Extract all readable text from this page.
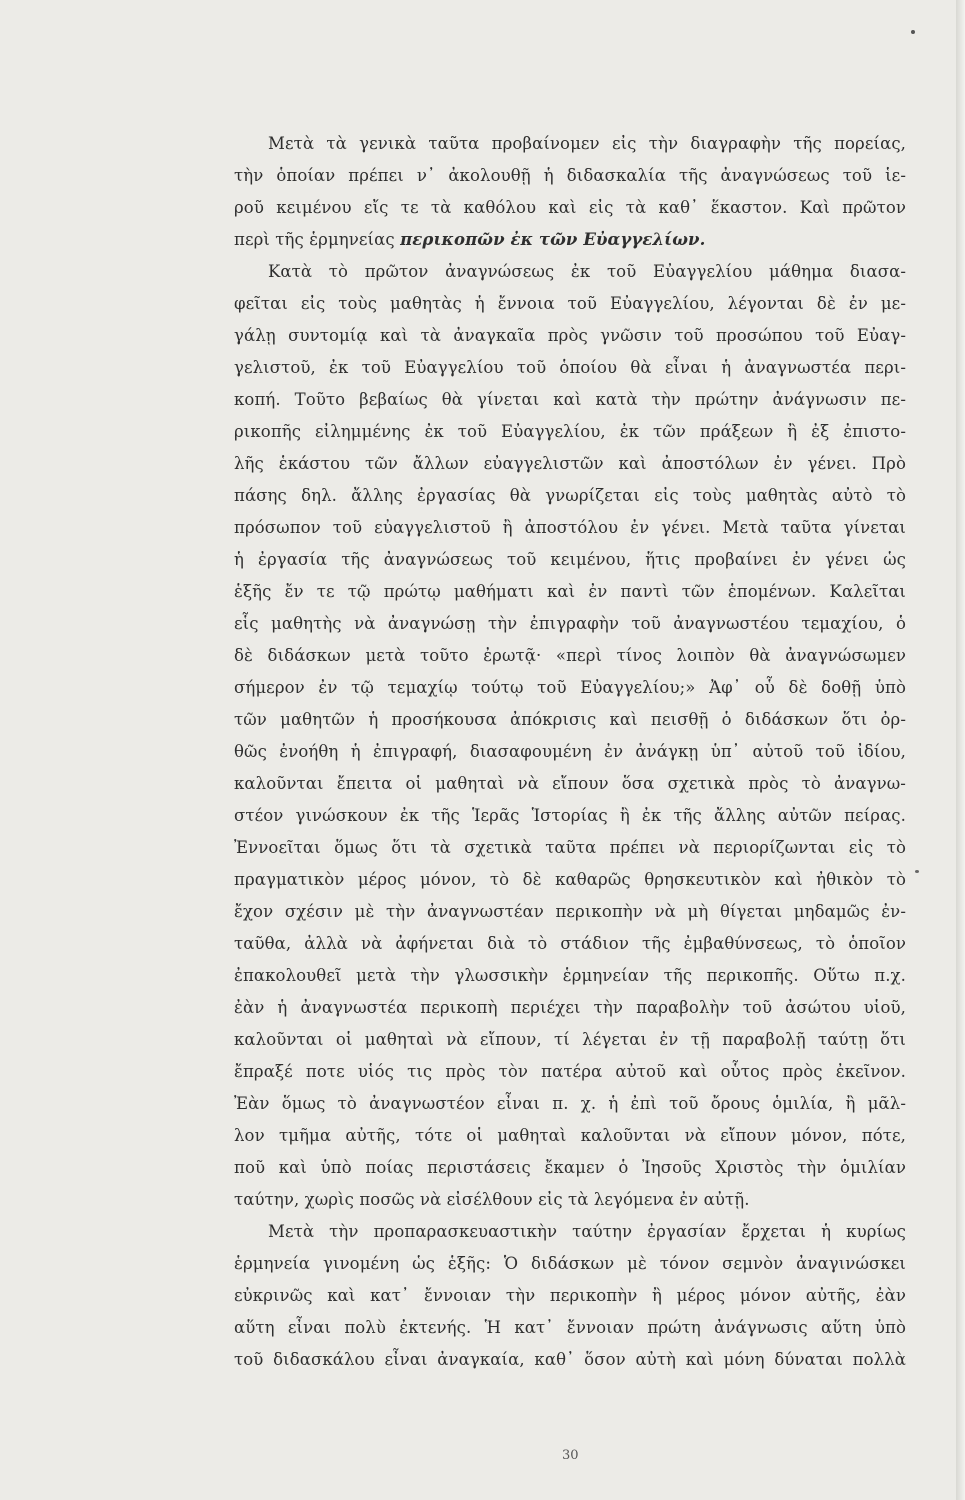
Μετὰ τὰ γενικὰ ταῦτα προβαίνομεν εἰς τὴν διαγραφὴν τῆς πορείας,
τὴν ὁποίαν πρέπει ν᾽ ἀκολουθῇ ἡ διδασκαλία τῆς ἀναγνώσεως τοῦ ἱε-
ροῦ κειμένου εἴς τε τὰ καθόλου καὶ εἰς τὰ καθ᾽ ἕκαστον. Καὶ πρῶτον
περὶ τῆς ἑρμηνείας περικοπῶν ἐκ τῶν Εὐαγγελίων.
Κατὰ τὸ πρῶτον ἀναγνώσεως ἐκ τοῦ Εὐαγγελίου μάθημα διασα-
φεῖται εἰς τοὺς μαθητὰς ἡ ἔννοια τοῦ Εὐαγγελίου, λέγονται δὲ ἐν με-
γάλῃ συντομίᾳ καὶ τὰ ἀναγκαῖα πρὸς γνῶσιν τοῦ προσώπου τοῦ Εὐαγ-
γελιστοῦ, ἐκ τοῦ Εὐαγγελίου τοῦ ὁποίου θὰ εἶναι ἡ ἀναγνωστέα περι-
κοπή. Τοῦτο βεβαίως θὰ γίνεται καὶ κατὰ τὴν πρώτην ἀνάγνωσιν πε-
ρικοπῆς εἰλημμένης ἐκ τοῦ Εὐαγγελίου, ἐκ τῶν πράξεων ἢ ἐξ ἐπιστο-
λῆς ἑκάστου τῶν ἄλλων εὐαγγελιστῶν καὶ ἀποστόλων ἐν γένει. Πρὸ
πάσης δηλ. ἄλλης ἐργασίας θὰ γνωρίζεται εἰς τοὺς μαθητὰς αὐτὸ τὸ
πρόσωπον τοῦ εὐαγγελιστοῦ ἢ ἀποστόλου ἐν γένει. Μετὰ ταῦτα γίνεται
ἡ ἐργασία τῆς ἀναγνώσεως τοῦ κειμένου, ἥτις προβαίνει ἐν γένει ὡς
ἑξῆς ἔν τε τῷ πρώτῳ μαθήματι καὶ ἐν παντὶ τῶν ἑπομένων. Καλεῖται
εἷς μαθητὴς νὰ ἀναγνώσῃ τὴν ἐπιγραφὴν τοῦ ἀναγνωστέου τεμαχίου, ὁ
δὲ διδάσκων μετὰ τοῦτο ἐρωτᾷ· «περὶ τίνος λοιπὸν θὰ ἀναγνώσωμεν
σήμερον ἐν τῷ τεμαχίῳ τούτῳ τοῦ Εὐαγγελίου;» Ἀφ᾽ οὗ δὲ δοθῇ ὑπὸ
τῶν μαθητῶν ἡ προσήκουσα ἀπόκρισις καὶ πεισθῇ ὁ διδάσκων ὅτι ὀρ-
θῶς ἐνοήθη ἡ ἐπιγραφή, διασαφουμένη ἐν ἀνάγκῃ ὑπ᾽ αὐτοῦ τοῦ ἰδίου,
καλοῦνται ἔπειτα οἱ μαθηταὶ νὰ εἴπουν ὅσα σχετικὰ πρὸς τὸ ἀναγνω-
στέον γινώσκουν ἐκ τῆς Ἱερᾶς Ἱστορίας ἢ ἐκ τῆς ἄλλης αὐτῶν πείρας.
Ἐννοεῖται ὅμως ὅτι τὰ σχετικὰ ταῦτα πρέπει νὰ περιορίζωνται εἰς τὸ
πραγματικὸν μέρος μόνον, τὸ δὲ καθαρῶς θρησκευτικὸν καὶ ἠθικὸν τὸ
ἔχον σχέσιν μὲ τὴν ἀναγνωστέαν περικοπὴν νὰ μὴ θίγεται μηδαμῶς ἐν-
ταῦθα, ἀλλὰ νὰ ἀφήνεται διὰ τὸ στάδιον τῆς ἐμβαθύνσεως, τὸ ὁποῖον
ἐπακολουθεῖ μετὰ τὴν γλωσσικὴν ἑρμηνείαν τῆς περικοπῆς. Οὕτω π.χ.
ἐὰν ἡ ἀναγνωστέα περικοπὴ περιέχει τὴν παραβολὴν τοῦ ἀσώτου υἱοῦ,
καλοῦνται οἱ μαθηταὶ νὰ εἴπουν, τί λέγεται ἐν τῇ παραβολῇ ταύτῃ ὅτι
ἔπραξέ ποτε υἱός τις πρὸς τὸν πατέρα αὐτοῦ καὶ οὗτος πρὸς ἐκεῖνον.
Ἐὰν ὅμως τὸ ἀναγνωστέον εἶναι π. χ. ἡ ἐπὶ τοῦ ὄρους ὁμιλία, ἢ μᾶλ-
λον τμῆμα αὐτῆς, τότε οἱ μαθηταὶ καλοῦνται νὰ εἴπουν μόνον, πότε,
ποῦ καὶ ὑπὸ ποίας περιστάσεις ἔκαμεν ὁ Ἰησοῦς Χριστὸς τὴν ὁμιλίαν
ταύτην, χωρὶς ποσῶς νὰ εἰσέλθουν εἰς τὰ λεγόμενα ἐν αὐτῇ.
Μετὰ τὴν προπαρασκευαστικὴν ταύτην ἐργασίαν ἔρχεται ἡ κυρίως
ἑρμηνεία γινομένη ὡς ἑξῆς: Ὁ διδάσκων μὲ τόνον σεμνὸν ἀναγινώσκει
εὐκρινῶς καὶ κατ᾽ ἔννοιαν τὴν περικοπὴν ἢ μέρος μόνον αὐτῆς, ἐὰν
αὕτη εἶναι πολὺ ἐκτενής. Ἡ κατ᾽ ἔννοιαν πρώτη ἀνάγνωσις αὕτη ὑπὸ
τοῦ διδασκάλου εἶναι ἀναγκαία, καθ᾽ ὅσον αὐτὴ καὶ μόνη δύναται πολλὰ
30
